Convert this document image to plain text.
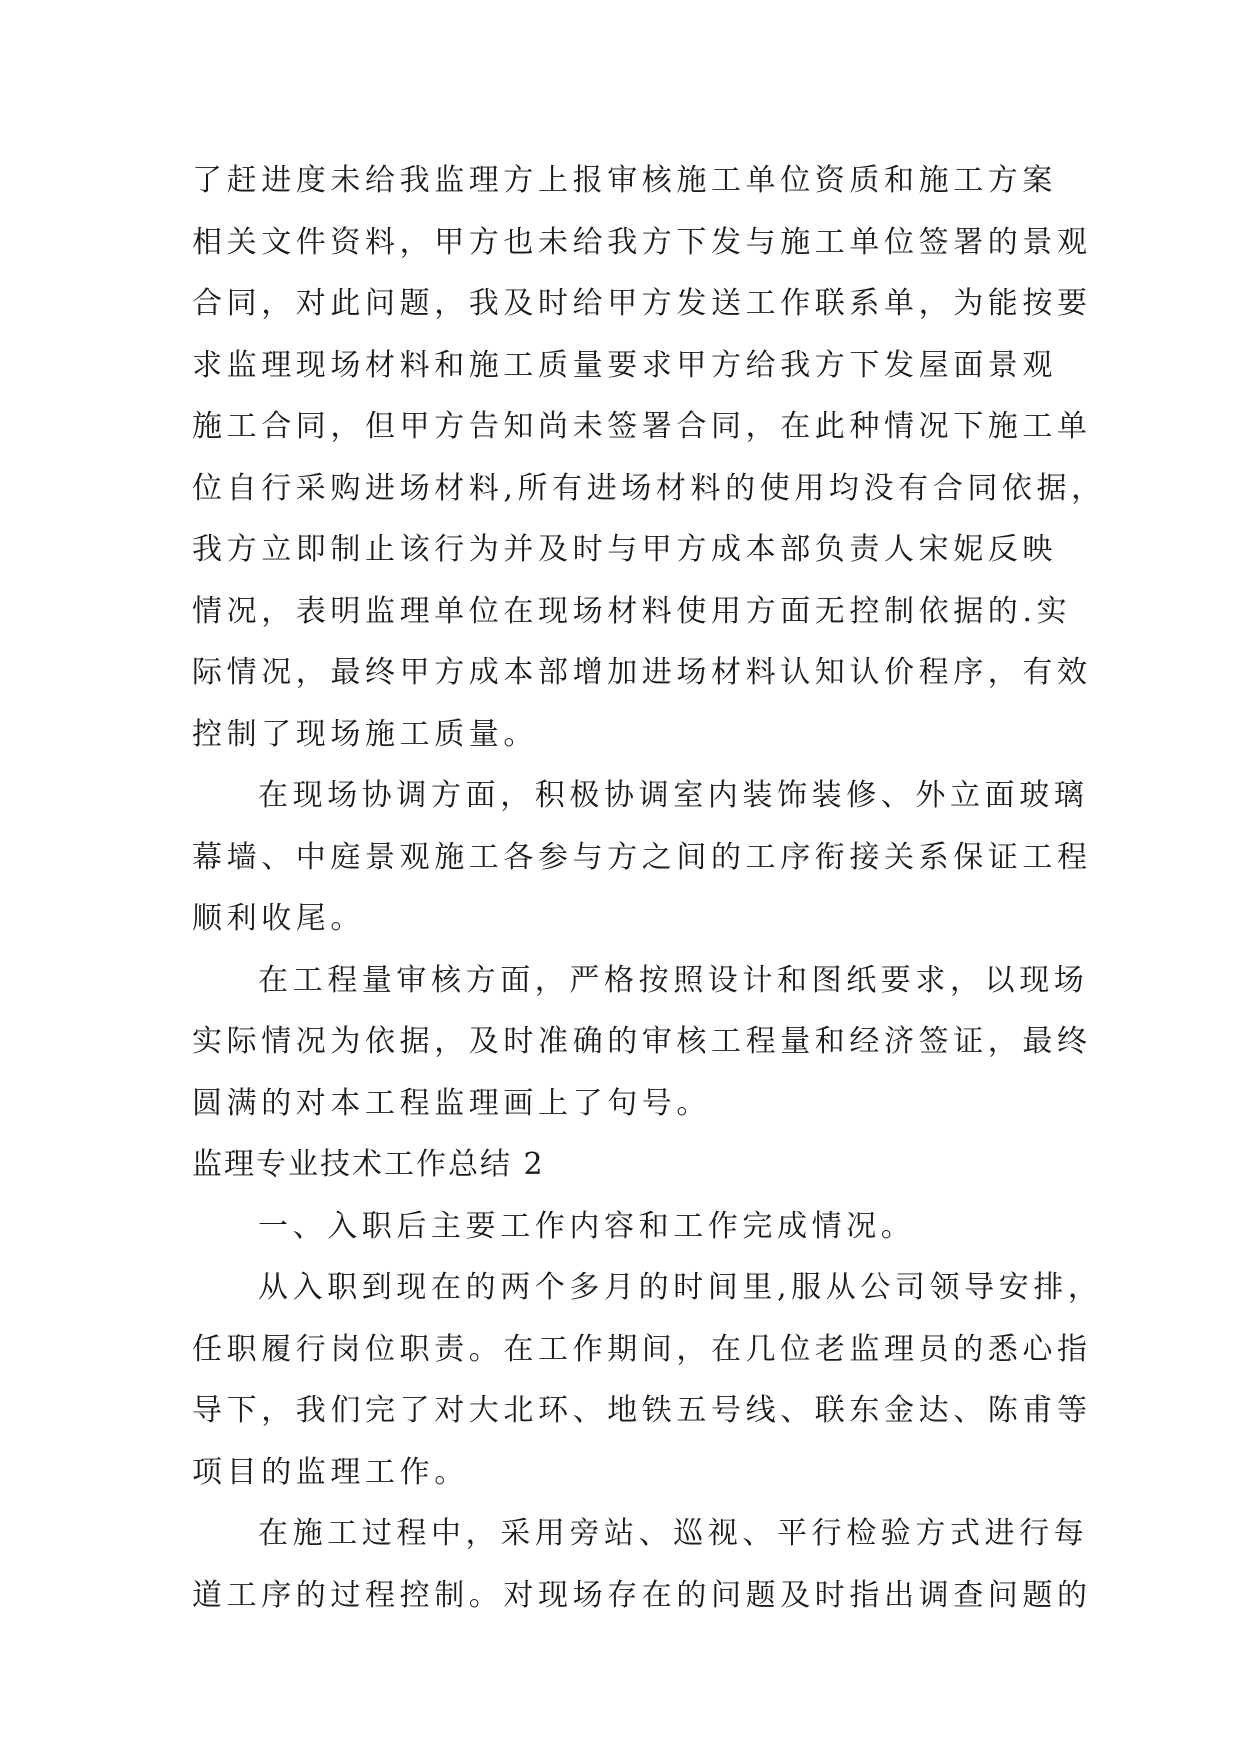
了赶进度未给我监理方上报审核施工单位资质和施工方案
相关文件资料，甲方也未给我方下发与施工单位签署的景观
合同，对此问题，我及时给甲方发送工作联系单，为能按要
求监理现场材料和施工质量要求甲方给我方下发屋面景观
施工合同，但甲方告知尚未签署合同，在此种情况下施工单
位自行采购进场材料,所有进场材料的使用均没有合同依据，
我方立即制止该行为并及时与甲方成本部负责人宋妮反映
情况，表明监理单位在现场材料使用方面无控制依据的.实
际情况，最终甲方成本部增加进场材料认知认价程序，有效
控制了现场施工质量。
在现场协调方面，积极协调室内装饰装修、外立面玻璃
幕墙、中庭景观施工各参与方之间的工序衔接关系保证工程
顺利收尾。
在工程量审核方面，严格按照设计和图纸要求，以现场
实际情况为依据，及时准确的审核工程量和经济签证，最终
圆满的对本工程监理画上了句号。
监理专业技术工作总结 2
一、入职后主要工作内容和工作完成情况。
从入职到现在的两个多月的时间里,服从公司领导安排，
任职履行岗位职责。在工作期间，在几位老监理员的悉心指
导下，我们完了对大北环、地铁五号线、联东金达、陈甫等
项目的监理工作。
在施工过程中，采用旁站、巡视、平行检验方式进行每
道工序的过程控制。对现场存在的问题及时指出调查问题的
